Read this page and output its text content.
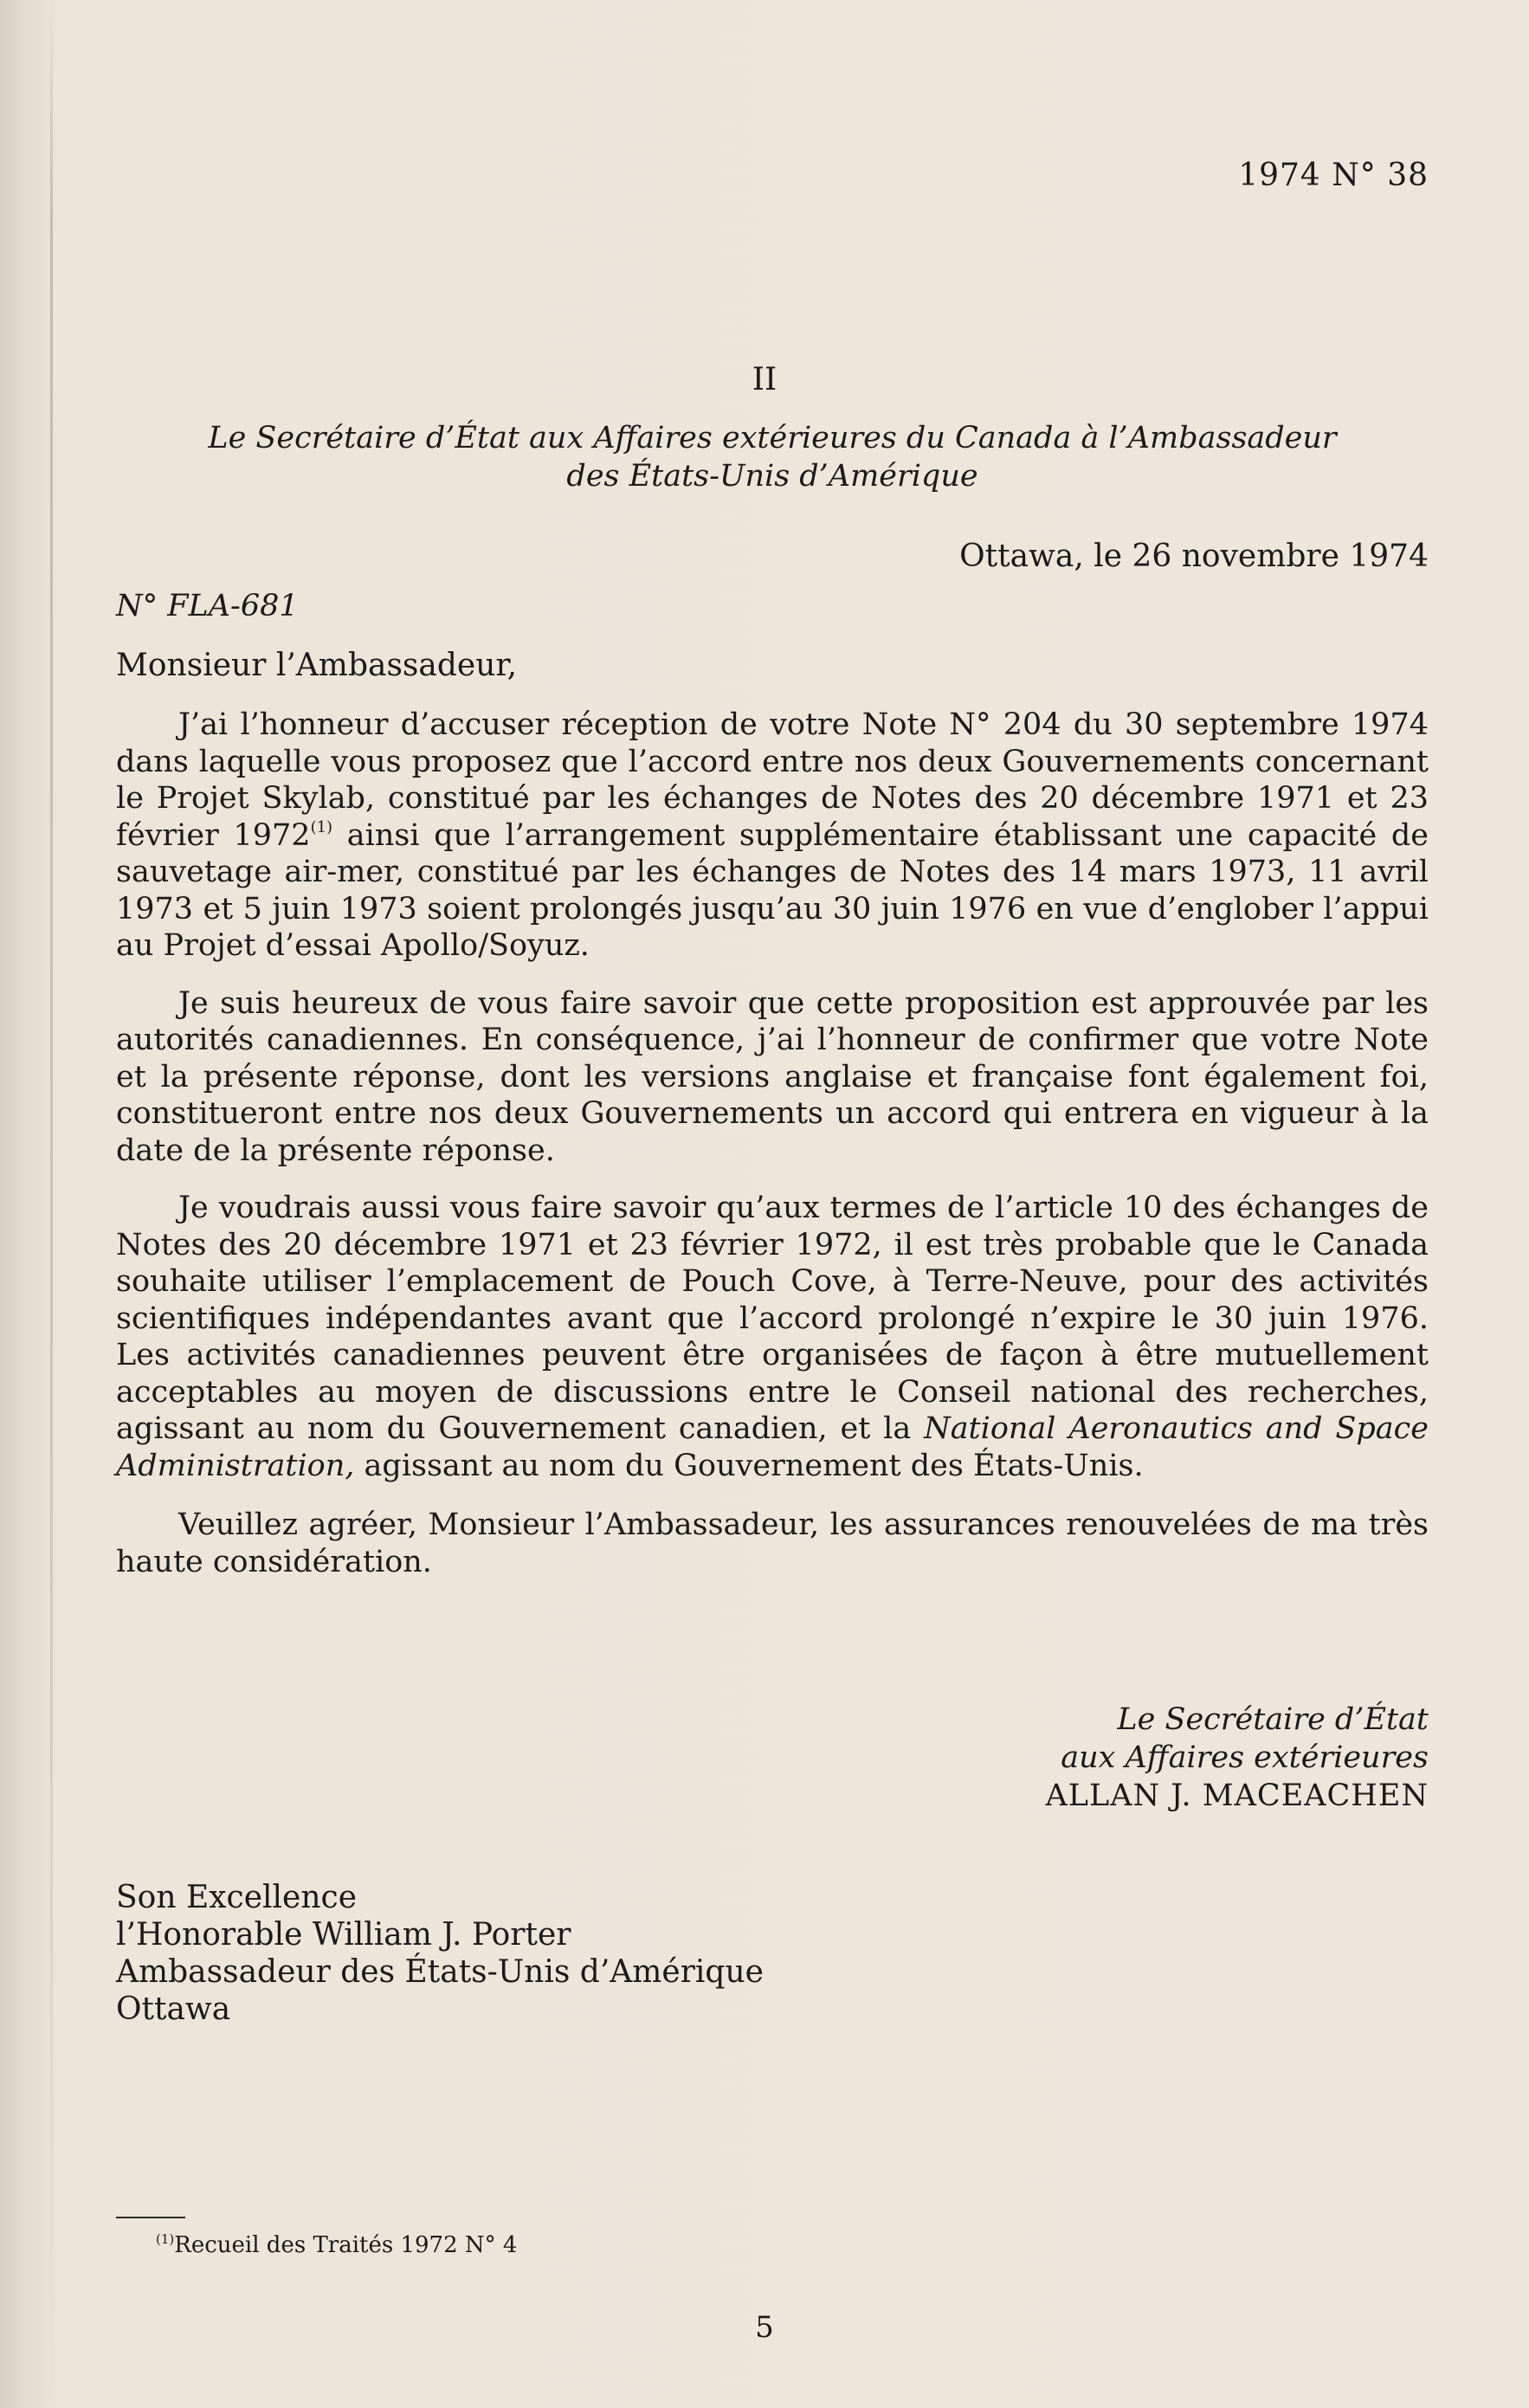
1974 N° 38
II
Le Secrétaire d’État aux Affaires extérieures du Canada à l’Ambassadeur
des États-Unis d’Amérique
Ottawa, le 26 novembre 1974
N° FLA-681
Monsieur l’Ambassadeur,

J’ai l’honneur d’accuser réception de votre Note N° 204 du 30 septembre 1974 dans laquelle vous proposez que l’accord entre nos deux Gouvernements concernant le Projet Skylab, constitué par les échanges de Notes des 20 décembre 1971 et 23 février 1972$^{(1)}$ ainsi que l’arrangement supplémentaire établissant une capacité de sauvetage air-mer, constitué par les échanges de Notes des 14 mars 1973, 11 avril 1973 et 5 juin 1973 soient prolongés jusqu’au 30 juin 1976 en vue d’englober l’appui au Projet d’essai Apollo/Soyuz.

Je suis heureux de vous faire savoir que cette proposition est approuvée par les autorités canadiennes. En conséquence, j’ai l’honneur de confirmer que votre Note et la présente réponse, dont les versions anglaise et française font également foi, constitueront entre nos deux Gouvernements un accord qui entrera en vigueur à la date de la présente réponse.

Je voudrais aussi vous faire savoir qu’aux termes de l’article 10 des échanges de Notes des 20 décembre 1971 et 23 février 1972, il est très probable que le Canada souhaite utiliser l’emplacement de Pouch Cove, à Terre-Neuve, pour des activités scientifiques indépendantes avant que l’accord prolongé n’expire le 30 juin 1976. Les activités canadiennes peuvent être organisées de façon à être mutuellement acceptables au moyen de discussions entre le Conseil national des recherches, agissant au nom du Gouvernement canadien, et la National Aeronautics and Space Administration, agissant au nom du Gouvernement des États-Unis.

Veuillez agréer, Monsieur l’Ambassadeur, les assurances renouvelées de ma très haute considération.

Le Secrétaire d’État
aux Affaires extérieures
ALLAN J. MACEACHEN
Son Excellence
l’Honorable William J. Porter
Ambassadeur des États-Unis d’Amérique
Ottawa
$^{(1)}$Recueil des Traités 1972 N° 4
5
